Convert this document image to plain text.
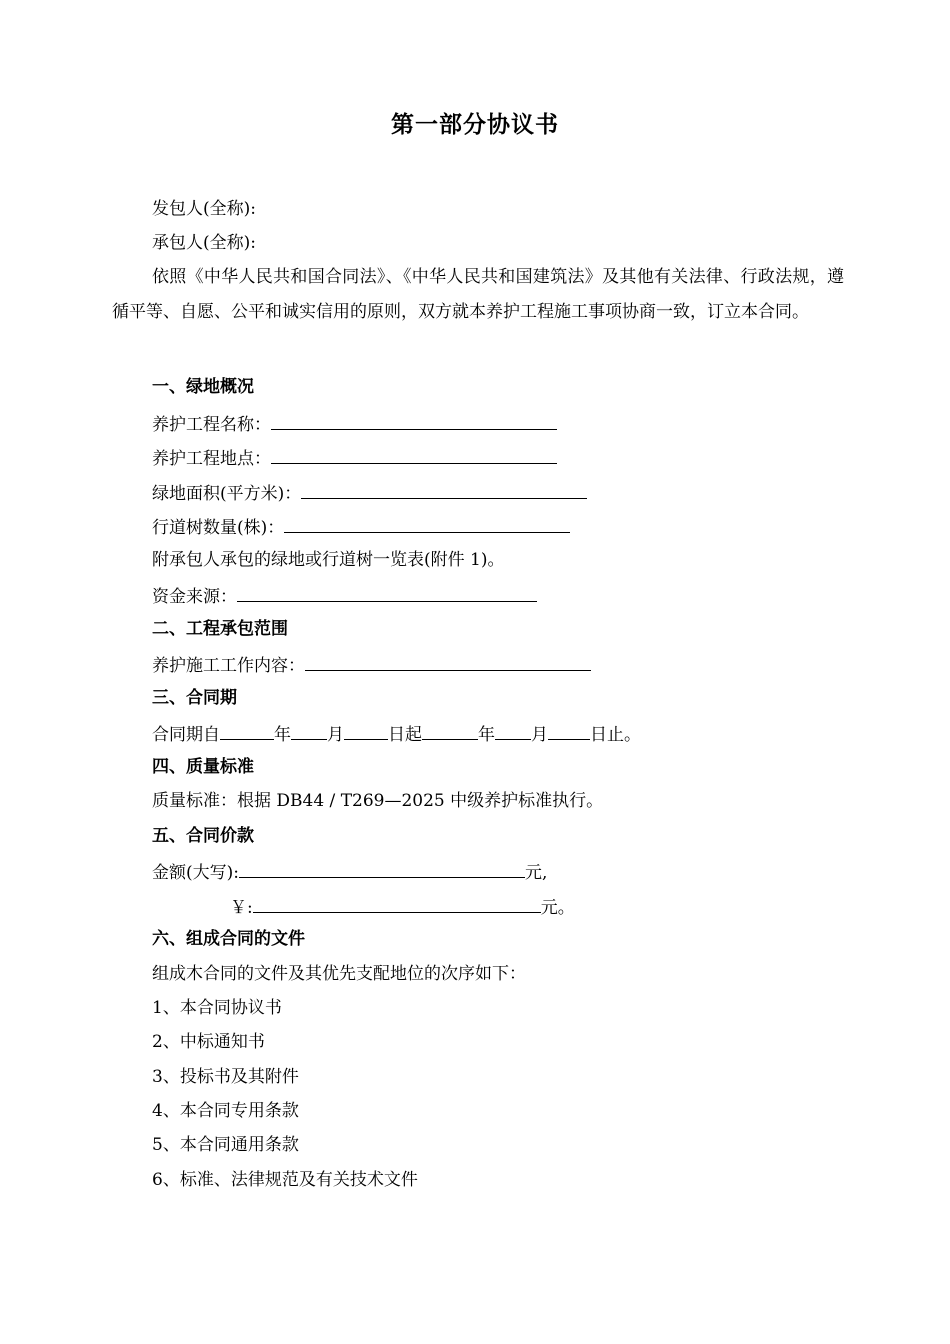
第一部分协议书
发包人(全称):
承包人(全称):
依照《中华人民共和国合同法》、《中华人民共和国建筑法》及其他有关法律、行政法规，遵循平等、自愿、公平和诚实信用的原则，双方就本养护工程施工事项协商一致，订立本合同。
一、绿地概况
养护工程名称：
养护工程地点：
绿地面积(平方米)：
行道树数量(株)：
附承包人承包的绿地或行道树一览表(附件 1)。
资金来源：
二、工程承包范围
养护施工工作内容：
三、合同期
合同期自	年 月	日起	年 月 日止。
四、质量标准
质量标准：根据 DB44 / T269—2025 中级养护标准执行。
五、合同价款
金额(大写):	元,
￥:	元。
六、组成合同的文件
组成木合同的文件及其优先支配地位的次序如下：
1、本合同协议书
2、中标通知书
3、投标书及其附件
4、本合同专用条款
5、本合同通用条款
6、标准、法律规范及有关技术文件
